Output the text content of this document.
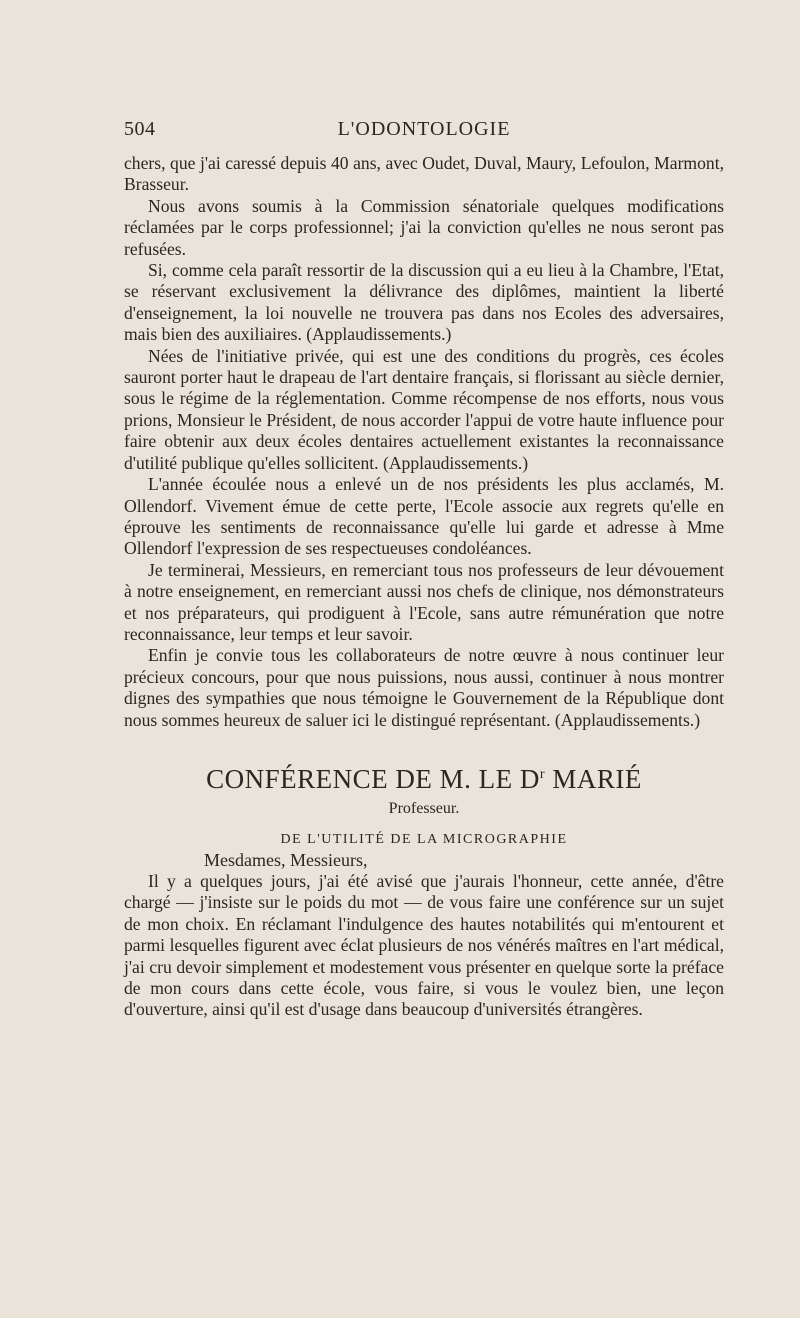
504	L'ODONTOLOGIE

chers, que j'ai caressé depuis 40 ans, avec Oudet, Duval, Maury, Lefoulon, Marmont, Brasseur.

Nous avons soumis à la Commission sénatoriale quelques modifications réclamées par le corps professionnel; j'ai la conviction qu'elles ne nous seront pas refusées.

Si, comme cela paraît ressortir de la discussion qui a eu lieu à la Chambre, l'Etat, se réservant exclusivement la délivrance des diplômes, maintient la liberté d'enseignement, la loi nouvelle ne trouvera pas dans nos Ecoles des adversaires, mais bien des auxiliaires. (Applaudissements.)

Nées de l'initiative privée, qui est une des conditions du progrès, ces écoles sauront porter haut le drapeau de l'art dentaire français, si florissant au siècle dernier, sous le régime de la réglementation. Comme récompense de nos efforts, nous vous prions, Monsieur le Président, de nous accorder l'appui de votre haute influence pour faire obtenir aux deux écoles dentaires actuellement existantes la reconnaissance d'utilité publique qu'elles sollicitent. (Applaudissements.)

L'année écoulée nous a enlevé un de nos présidents les plus acclamés, M. Ollendorf. Vivement émue de cette perte, l'Ecole associe aux regrets qu'elle en éprouve les sentiments de reconnaissance qu'elle lui garde et adresse à Mme Ollendorf l'expression de ses respectueuses condoléances.

Je terminerai, Messieurs, en remerciant tous nos professeurs de leur dévouement à notre enseignement, en remerciant aussi nos chefs de clinique, nos démonstrateurs et nos préparateurs, qui prodiguent à l'Ecole, sans autre rémunération que notre reconnaissance, leur temps et leur savoir.

Enfin je convie tous les collaborateurs de notre œuvre à nous continuer leur précieux concours, pour que nous puissions, nous aussi, continuer à nous montrer dignes des sympathies que nous témoigne le Gouvernement de la République dont nous sommes heureux de saluer ici le distingué représentant. (Applaudissements.)

CONFÉRENCE DE M. LE $D^r$ MARIÉ
Professeur.
DE L'UTILITÉ DE LA MICROGRAPHIE

Mesdames, Messieurs,

Il y a quelques jours, j'ai été avisé que j'aurais l'honneur, cette année, d'être chargé — j'insiste sur le poids du mot — de vous faire une conférence sur un sujet de mon choix. En réclamant l'indulgence des hautes notabilités qui m'entourent et parmi lesquelles figurent avec éclat plusieurs de nos vénérés maîtres en l'art médical, j'ai cru devoir simplement et modestement vous présenter en quelque sorte la préface de mon cours dans cette école, vous faire, si vous le voulez bien, une leçon d'ouverture, ainsi qu'il est d'usage dans beaucoup d'universités étrangères.
